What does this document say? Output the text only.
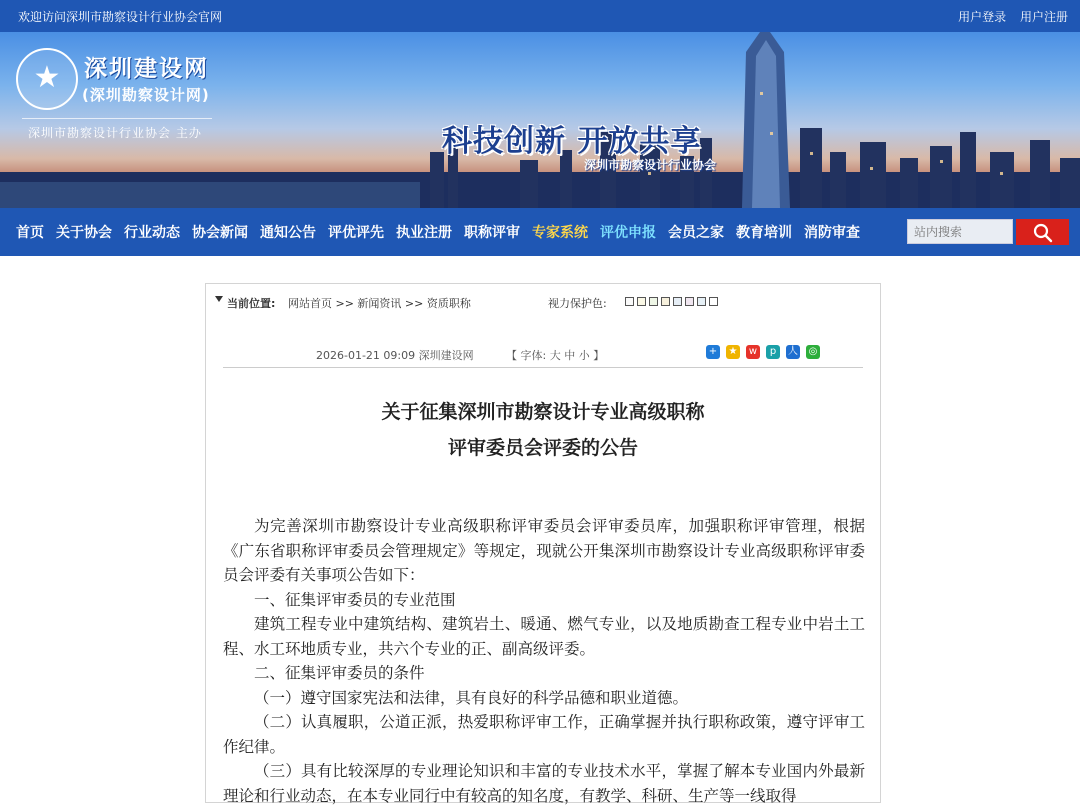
欢迎访问深圳市勘察设计行业协会官网	用户登录 用户注册
★	深圳建设网
(深圳勘察设计网)
深圳市勘察设计行业协会 主办	科技创新 开放共享
深圳市勘察设计行业协会
首页 关于协会 行业动态 协会新闻 通知公告 评优评先 执业注册 职称评审 专家系统 评优申报 会员之家 教育培训 消防审查
站内搜索
当前位置: 网站首页 >> 新闻资讯 >> 资质职称	视力保护色:
2026-01-21 09:09 深圳建设网	【 字体: 大 中 小 】	+ ★ w	p	人 ◎
关于征集深圳市勘察设计专业高级职称
评审委员会评委的公告

为完善深圳市勘察设计专业高级职称评审委员会评审委员库，加强职称评审管理，根据《广东省职称评审委员会管理规定》等规定，现就公开集深圳市勘察设计专业高级职称评审委员会评委有关事项公告如下：

一、征集评审委员的专业范围

建筑工程专业中建筑结构、建筑岩土、暖通、燃气专业，以及地质勘查工程专业中岩土工程、水工环地质专业，共六个专业的正、副高级评委。

二、征集评审委员的条件

（一）遵守国家宪法和法律，具有良好的科学品德和职业道德。

（二）认真履职，公道正派，热爱职称评审工作，正确掌握并执行职称政策，遵守评审工作纪律。

（三）具有比较深厚的专业理论知识和丰富的专业技术水平，掌握了解本专业国内外最新理论和行业动态，在本专业同行中有较高的知名度，有教学、科研、生产等一线取得
